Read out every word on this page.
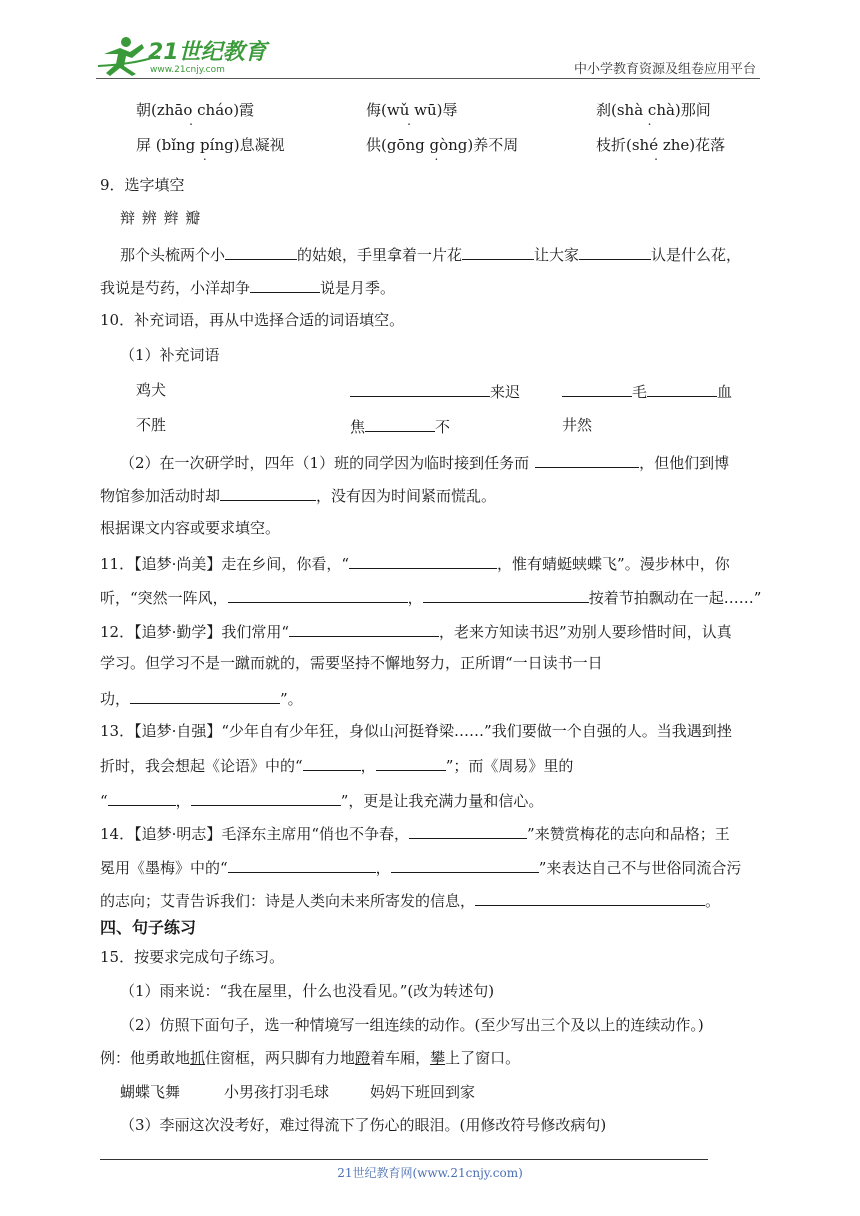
21世纪教育
www.21cnjy.com	中小学教育资源及组卷应用平台
朝(zhāo cháo)霞 .	侮(wǔ wū)辱 .	刹(shà chà)那间 .
屏 (bǐng píng)息凝视 .	供(gōng gòng)养不周 .	枝折(shé zhe)花落 .
9．选字填空
辩 辨 辫 瓣
那个头梳两个小	的姑娘，手里拿着一片花	让大家	认是什么花，
我说是芍药，小洋却争	说是月季。
10．补充词语，再从中选择合适的词语填空。
（1）补充词语
鸡犬	来迟	毛	血
不胜	焦	不	井然
（2）在一次研学时，四年（1）班的同学因为临时接到任务而	，但他们到博
物馆参加活动时却	，没有因为时间紧而慌乱。
根据课文内容或要求填空。
11．【追梦·尚美】走在乡间，你看，“	，惟有蜻蜓蛱蝶飞”。漫步林中，你
听，“突然一阵风，	，	按着节拍飘动在一起……”
12．【追梦·勤学】我们常用“	，老来方知读书迟”劝别人要珍惜时间，认真
学习。但学习不是一蹴而就的，需要坚持不懈地努力，正所谓“一日读书一日
功，	”。
13．【追梦·自强】“少年自有少年狂，身似山河挺脊梁……”我们要做一个自强的人。当我遇到挫
折时，我会想起《论语》中的“	，	”；而《周易》里的
“	，	”，更是让我充满力量和信心。
14．【追梦·明志】毛泽东主席用“俏也不争春，	”来赞赏梅花的志向和品格；王
冕用《墨梅》中的“	，	”来表达自己不与世俗同流合污
的志向；艾青告诉我们：诗是人类向未来所寄发的信息，	。
四、句子练习
15．按要求完成句子练习。
（1）雨来说：“我在屋里，什么也没看见。”(改为转述句)
（2）仿照下面句子，选一种情境写一组连续的动作。(至少写出三个及以上的连续动作。)
例：他勇敢地抓住窗框，两只脚有力地蹬着车厢，攀上了窗口。
蝴蝶飞舞	小男孩打羽毛球	妈妈下班回到家
（3）李丽这次没考好，难过得流下了伤心的眼泪。(用修改符号修改病句)
21世纪教育网(www.21cnjy.com)
